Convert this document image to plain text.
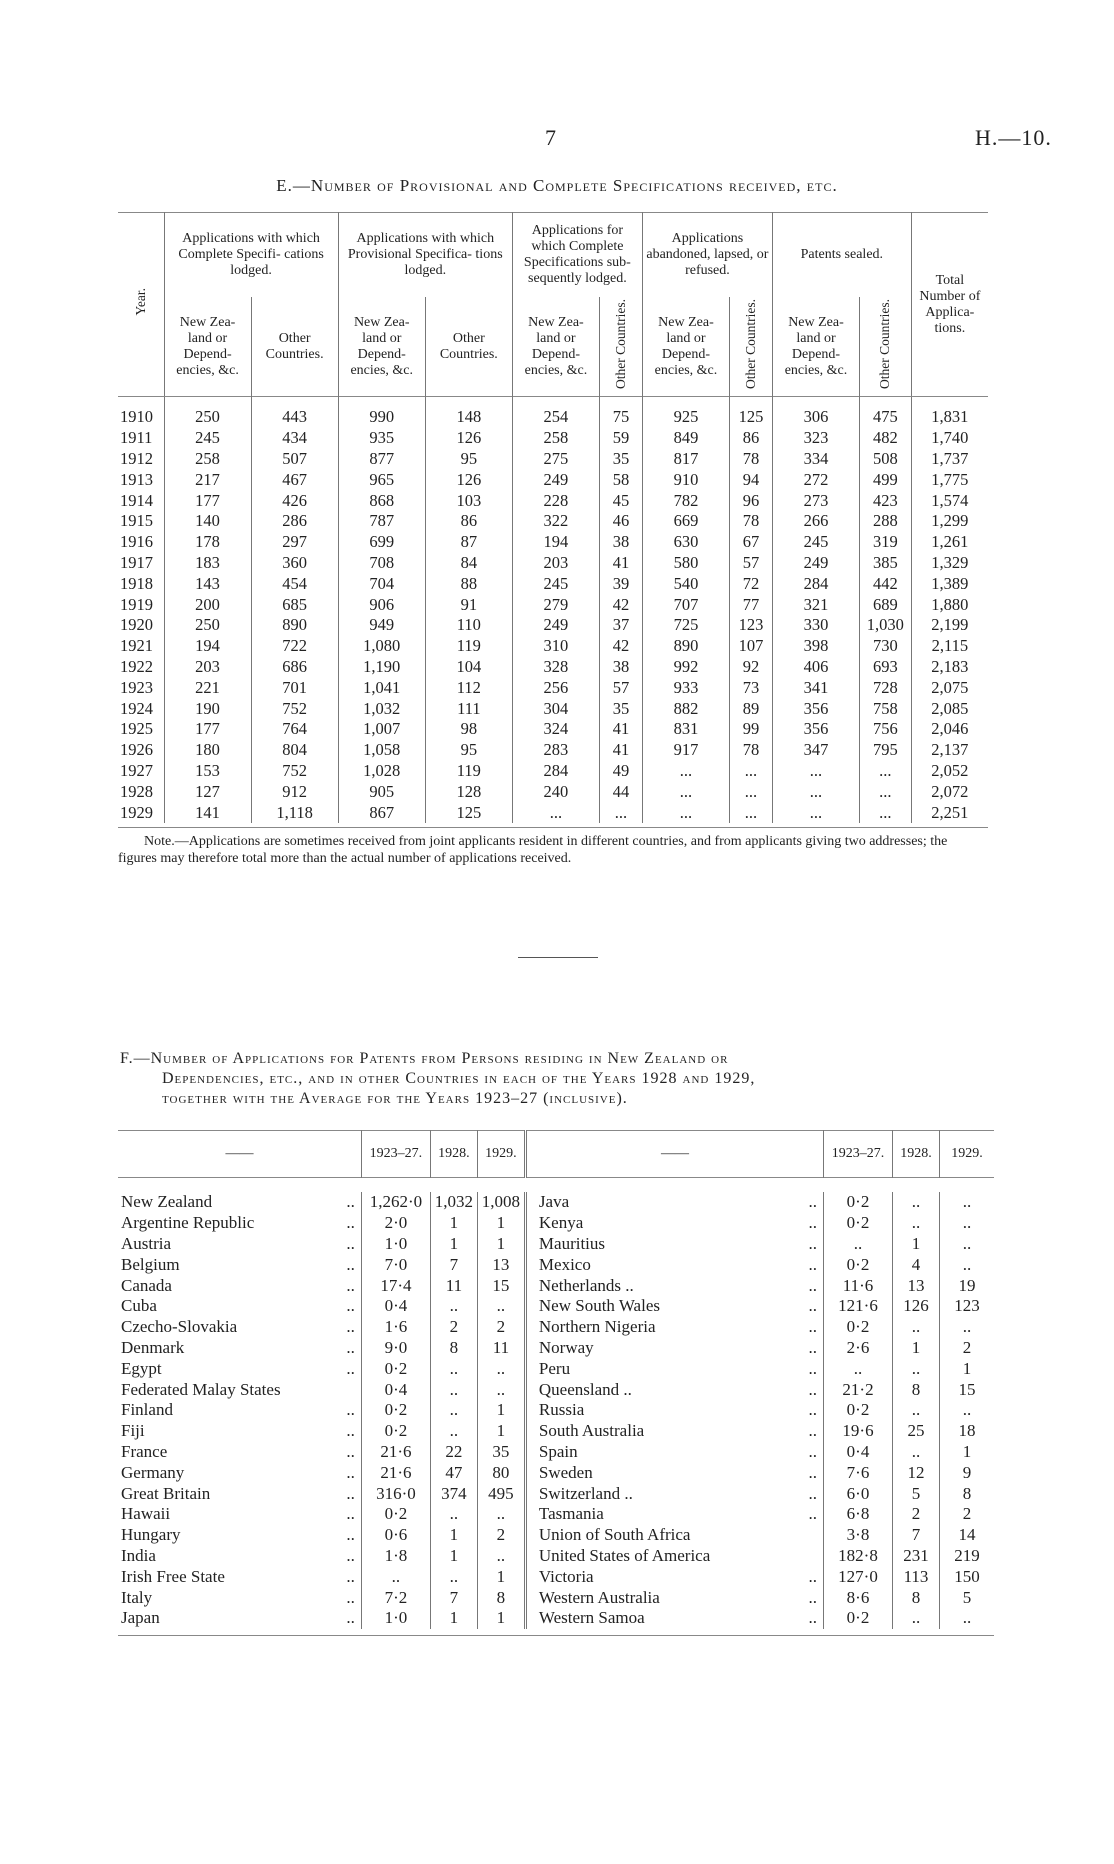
7	H.—10.
E.—Number of Provisional and Complete Specifications received, etc.
Year.	Applications with which Complete Specifi- cations lodged.		Applications with which Provisional Specifica- tions lodged.		Applications for which Complete Specifications sub- sequently lodged.		Applications abandoned, lapsed, or refused.		Patents sealed.		Total Number of Applica- tions.
	New Zea- land or Depend- encies, &c.	Other Countries.	New Zea- land or Depend- encies, &c.	Other Countries.	New Zea- land or Depend- encies, &c.	Other Countries.	New Zea- land or Depend- encies, &c.	Other Countries.	New Zea- land or Depend- encies, &c.	Other Countries.	
1910	250	443	990	148	254	75	925	125	306	475	1,831
1911	245	434	935	126	258	59	849	86	323	482	1,740
1912	258	507	877	95	275	35	817	78	334	508	1,737
1913	217	467	965	126	249	58	910	94	272	499	1,775
1914	177	426	868	103	228	45	782	96	273	423	1,574
1915	140	286	787	86	322	46	669	78	266	288	1,299
1916	178	297	699	87	194	38	630	67	245	319	1,261
1917	183	360	708	84	203	41	580	57	249	385	1,329
1918	143	454	704	88	245	39	540	72	284	442	1,389
1919	200	685	906	91	279	42	707	77	321	689	1,880
1920	250	890	949	110	249	37	725	123	330	1,030	2,199
1921	194	722	1,080	119	310	42	890	107	398	730	2,115
1922	203	686	1,190	104	328	38	992	92	406	693	2,183
1923	221	701	1,041	112	256	57	933	73	341	728	2,075
1924	190	752	1,032	111	304	35	882	89	356	758	2,085
1925	177	764	1,007	98	324	41	831	99	356	756	2,046
1926	180	804	1,058	95	283	41	917	78	347	795	2,137
1927	153	752	1,028	119	284	49	...	...	...	...	2,052
1928	127	912	905	128	240	44	...	...	...	...	2,072
1929	141	1,118	867	125	...	...	...	...	...	...	2,251

Note.—Applications are sometimes received from joint applicants resident in different countries, and from applicants giving two addresses; the figures may therefore total more than the actual number of applications received.
F.—Number of Applications for Patents from Persons residing in New Zealand or
Dependencies, etc., and in other Countries in each of the Years 1928 and 1929,
together with the Average for the Years 1923–27 (inclusive).
——		1923–27.	1928.	1929.	——		1923–27.	1928.	1929.

New Zealand	..	1,262·0	1,032	1,008	Java	..	0·2	..	..
Argentine Republic	..	2·0	1	1	Kenya	..	0·2	..	..
Austria	..	1·0	1	1	Mauritius	..	..	1	..
Belgium	..	7·0	7	13	Mexico	..	0·2	4	..
Canada	..	17·4	11	15	Netherlands ..	..	11·6	13	19
Cuba	..	0·4	..	..	New South Wales	..	121·6	126	123
Czecho-Slovakia	..	1·6	2	2	Northern Nigeria	..	0·2	..	..
Denmark	..	9·0	8	11	Norway	..	2·6	1	2
Egypt	..	0·2	..	..	Peru	..	..	..	1
Federated Malay States		0·4	..	..	Queensland ..	..	21·2	8	15
Finland	..	0·2	..	1	Russia	..	0·2	..	..
Fiji	..	0·2	..	1	South Australia	..	19·6	25	18
France	..	21·6	22	35	Spain	..	0·4	..	1
Germany	..	21·6	47	80	Sweden	..	7·6	12	9
Great Britain	..	316·0	374	495	Switzerland ..	..	6·0	5	8
Hawaii	..	0·2	..	..	Tasmania	..	6·8	2	2
Hungary	..	0·6	1	2	Union of South Africa		3·8	7	14
India	..	1·8	1	..	United States of America		182·8	231	219
Irish Free State	..	..	..	1	Victoria	..	127·0	113	150
Italy	..	7·2	7	8	Western Australia	..	8·6	8	5
Japan	..	1·0	1	1	Western Samoa	..	0·2	..	..
